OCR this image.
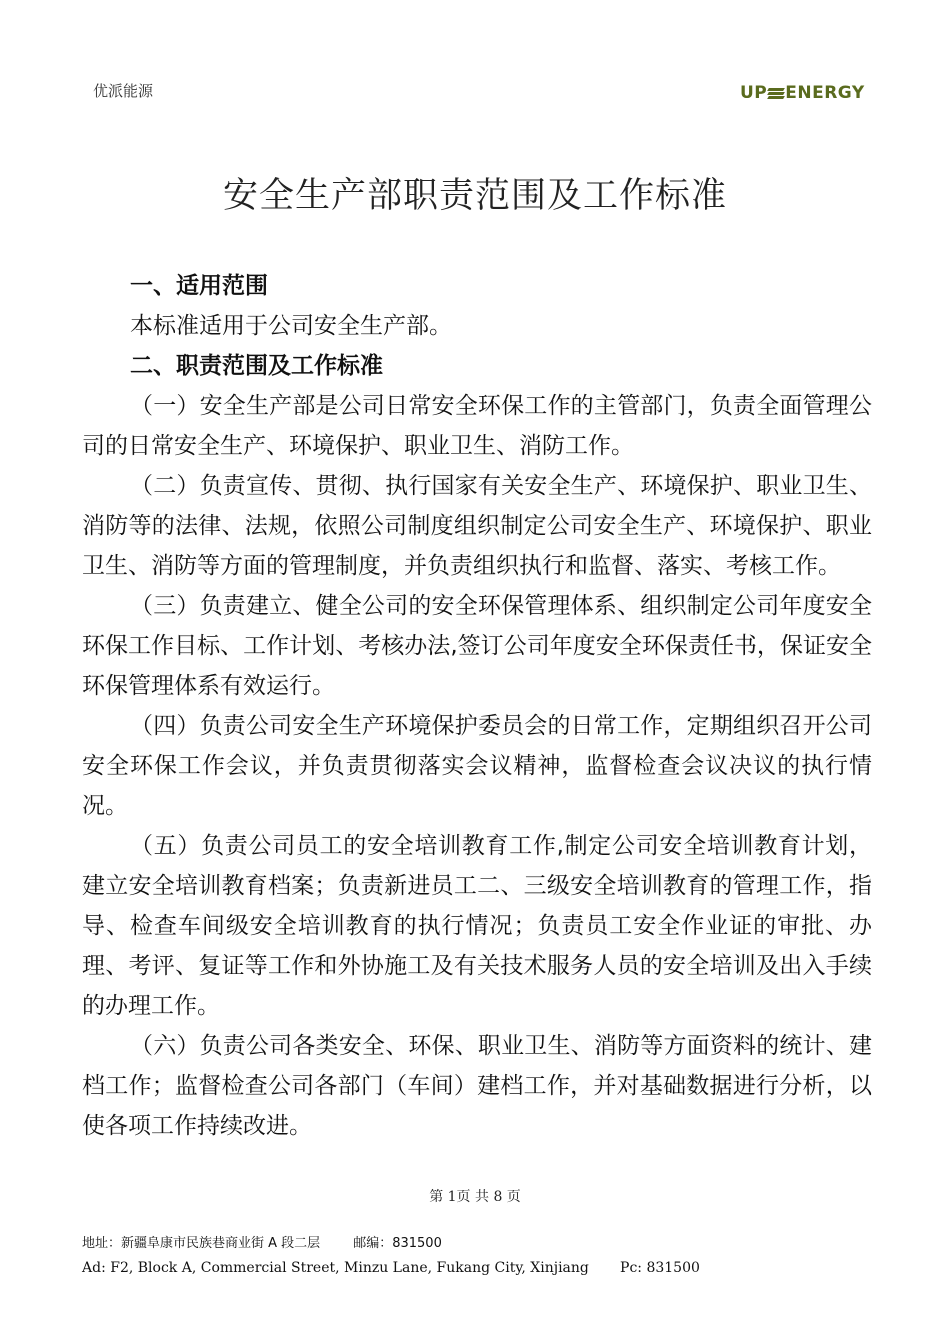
优派能源	UP ENERGY
安全生产部职责范围及工作标准

一、适用范围

本标准适用于公司安全生产部。

二、职责范围及工作标准

（一）安全生产部是公司日常安全环保工作的主管部门，负责全面管理公司的日常安全生产、环境保护、职业卫生、消防工作。

（二）负责宣传、贯彻、执行国家有关安全生产、环境保护、职业卫生、消防等的法律、法规，依照公司制度组织制定公司安全生产、环境保护、职业卫生、消防等方面的管理制度，并负责组织执行和监督、落实、考核工作。

（三）负责建立、健全公司的安全环保管理体系、组织制定公司年度安全环保工作目标、工作计划、考核办法,签订公司年度安全环保责任书，保证安全环保管理体系有效运行。

（四）负责公司安全生产环境保护委员会的日常工作，定期组织召开公司安全环保工作会议，并负责贯彻落实会议精神，监督检查会议决议的执行情况。

（五）负责公司员工的安全培训教育工作,制定公司安全培训教育计划，建立安全培训教育档案；负责新进员工二、三级安全培训教育的管理工作，指导、检查车间级安全培训教育的执行情况；负责员工安全作业证的审批、办理、考评、复证等工作和外协施工及有关技术服务人员的安全培训及出入手续的办理工作。

（六）负责公司各类安全、环保、职业卫生、消防等方面资料的统计、建档工作；监督检查公司各部门（车间）建档工作，并对基础数据进行分析，以使各项工作持续改进。

第 1页 共 8 页
地址：新疆阜康市民族巷商业街 A 段二层        邮编：831500
Ad: F2, Block A, Commercial Street, Minzu Lane, Fukang City, Xinjiang       Pc: 831500
